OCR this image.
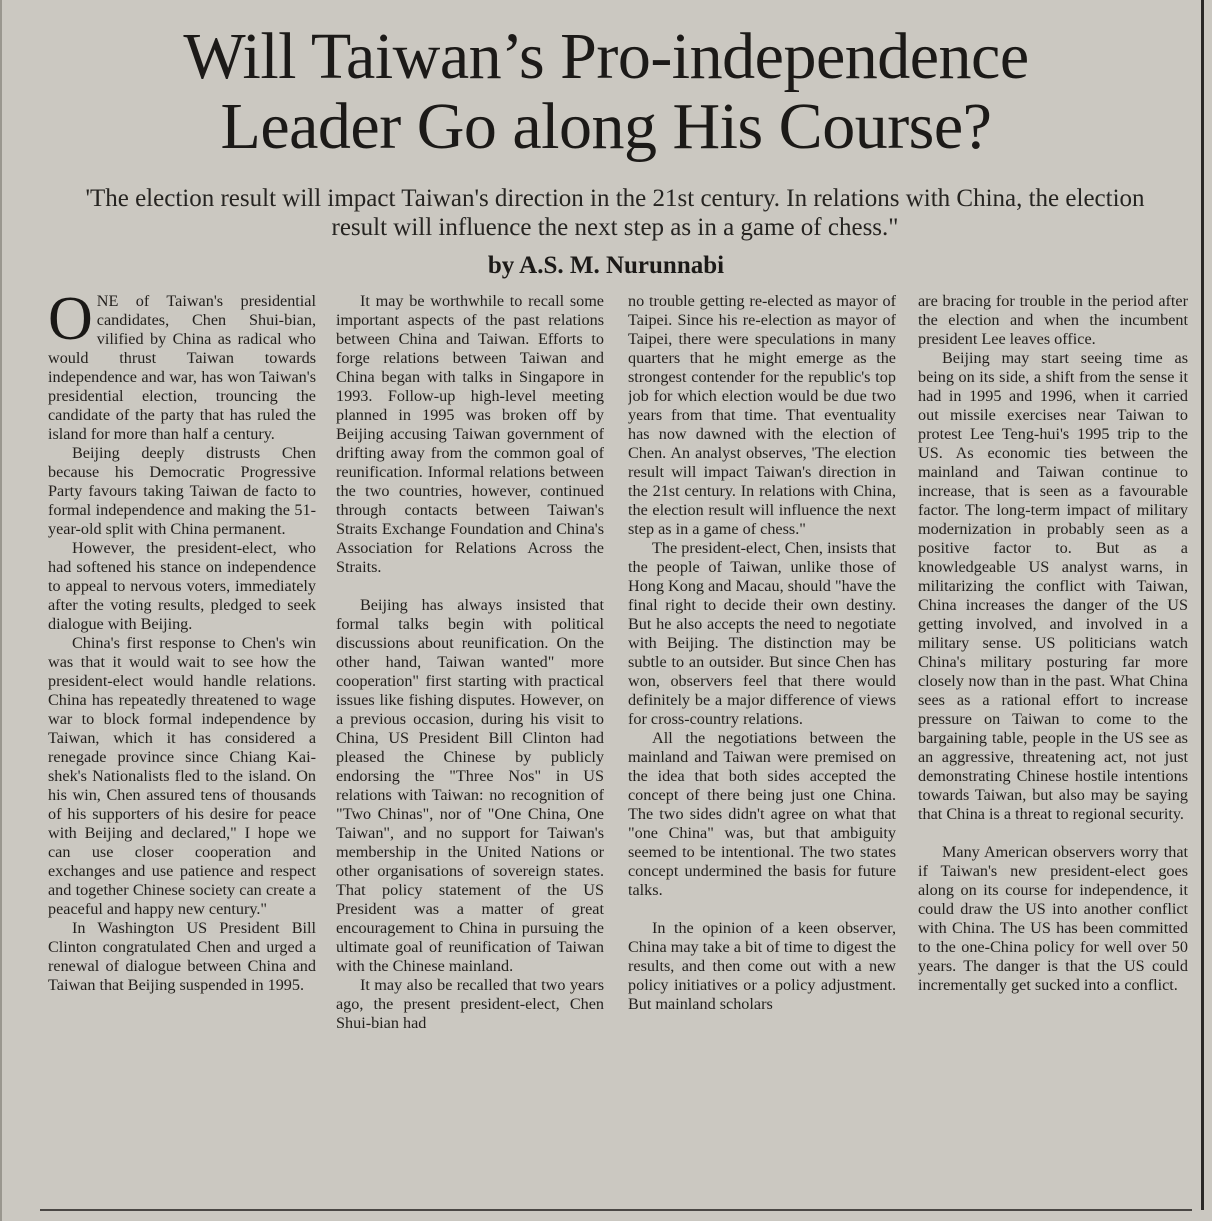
Will Taiwan’s Pro-independence
Leader Go along His Course?

'The election result will impact Taiwan's direction in the 21st century. In relations with China, the election result will influence the next step as in a game of chess."

by A.S. M. Nurunnabi

ONE of Taiwan's presidential candidates, Chen Shui-bian, vilified by China as radical who would thrust Taiwan towards independence and war, has won Taiwan's presidential election, trouncing the candidate of the party that has ruled the island for more than half a century.

Beijing deeply distrusts Chen because his Democratic Progressive Party favours taking Taiwan de facto to formal independence and making the 51-year-old split with China permanent.

However, the president-elect, who had softened his stance on independence to appeal to nervous voters, immediately after the voting results, pledged to seek dialogue with Beijing.

China's first response to Chen's win was that it would wait to see how the president-elect would handle relations. China has repeatedly threatened to wage war to block formal independence by Taiwan, which it has considered a renegade province since Chiang Kai-shek's Nationalists fled to the island. On his win, Chen assured tens of thousands of his supporters of his desire for peace with Beijing and declared," I hope we can use closer cooperation and exchanges and use patience and respect and together Chinese society can create a peaceful and happy new century."

In Washington US President Bill Clinton congratulated Chen and urged a renewal of dialogue between China and Taiwan that Beijing suspended in 1995.

It may be worthwhile to recall some important aspects of the past relations between China and Taiwan. Efforts to forge relations between Taiwan and China began with talks in Singapore in 1993. Follow-up high-level meeting planned in 1995 was broken off by Beijing accusing Taiwan government of drifting away from the common goal of reunification. Informal relations between the two countries, however, continued through contacts between Taiwan's Straits Exchange Foundation and China's Association for Relations Across the Straits.

Beijing has always insisted that formal talks begin with political discussions about reunification. On the other hand, Taiwan wanted" more cooperation" first starting with practical issues like fishing disputes. However, on a previous occasion, during his visit to China, US President Bill Clinton had pleased the Chinese by publicly endorsing the "Three Nos" in US relations with Taiwan: no recognition of "Two Chinas", nor of "One China, One Taiwan", and no support for Taiwan's membership in the United Nations or other organisations of sovereign states. That policy statement of the US President was a matter of great encouragement to China in pursuing the ultimate goal of reunification of Taiwan with the Chinese mainland.

It may also be recalled that two years ago, the present president-elect, Chen Shui-bian had

no trouble getting re-elected as mayor of Taipei. Since his re-election as mayor of Taipei, there were speculations in many quarters that he might emerge as the strongest contender for the republic's top job for which election would be due two years from that time. That eventuality has now dawned with the election of Chen. An analyst observes, 'The election result will impact Taiwan's direction in the 21st century. In relations with China, the election result will influence the next step as in a game of chess."

The president-elect, Chen, insists that the people of Taiwan, unlike those of Hong Kong and Macau, should "have the final right to decide their own destiny. But he also accepts the need to negotiate with Beijing. The distinction may be subtle to an outsider. But since Chen has won, observers feel that there would definitely be a major difference of views for cross-country relations.

All the negotiations between the mainland and Taiwan were premised on the idea that both sides accepted the concept of there being just one China. The two sides didn't agree on what that "one China" was, but that ambiguity seemed to be intentional. The two states concept undermined the basis for future talks.

In the opinion of a keen observer, China may take a bit of time to digest the results, and then come out with a new policy initiatives or a policy adjustment. But mainland scholars

are bracing for trouble in the period after the election and when the incumbent president Lee leaves office.

Beijing may start seeing time as being on its side, a shift from the sense it had in 1995 and 1996, when it carried out missile exercises near Taiwan to protest Lee Teng-hui's 1995 trip to the US. As economic ties between the mainland and Taiwan continue to increase, that is seen as a favourable factor. The long-term impact of military modernization in probably seen as a positive factor to. But as a knowledgeable US analyst warns, in militarizing the conflict with Taiwan, China increases the danger of the US getting involved, and involved in a military sense. US politicians watch China's military posturing far more closely now than in the past. What China sees as a rational effort to increase pressure on Taiwan to come to the bargaining table, people in the US see as an aggressive, threatening act, not just demonstrating Chinese hostile intentions towards Taiwan, but also may be saying that China is a threat to regional security.

Many American observers worry that if Taiwan's new president-elect goes along on its course for independence, it could draw the US into another conflict with China. The US has been committed to the one-China policy for well over 50 years. The danger is that the US could incrementally get sucked into a conflict.
